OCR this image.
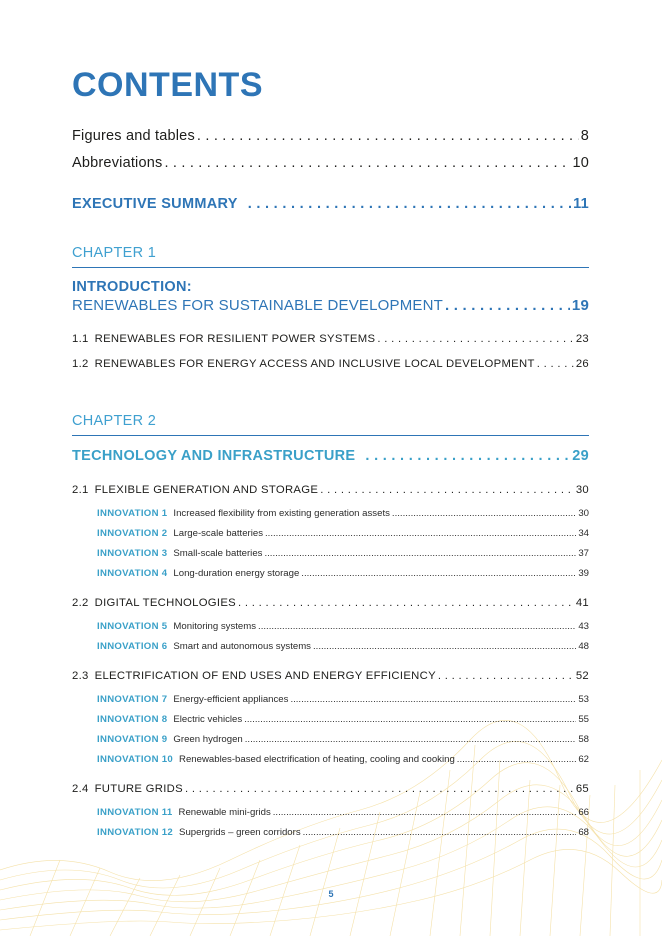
CONTENTS
Figures and tables . . .	8
Abbreviations . . .	10
EXECUTIVE SUMMARY . . .	11
CHAPTER 1
INTRODUCTION:
RENEWABLES FOR SUSTAINABLE DEVELOPMENT . . .	19
1.1 RENEWABLES FOR RESILIENT POWER SYSTEMS . . .	23
1.2 RENEWABLES FOR ENERGY ACCESS AND INCLUSIVE LOCAL DEVELOPMENT . . .	26
CHAPTER 2
TECHNOLOGY AND INFRASTRUCTURE . . .	29
2.1 FLEXIBLE GENERATION AND STORAGE . . .	30
INNOVATION 1 Increased flexibility from existing generation assets .....	30
INNOVATION 2 Large-scale batteries .....	34
INNOVATION 3 Small-scale batteries .....	37
INNOVATION 4 Long-duration energy storage .....	39
2.2 DIGITAL TECHNOLOGIES . . .	41
INNOVATION 5 Monitoring systems .....	43
INNOVATION 6 Smart and autonomous systems .....	48
2.3 ELECTRIFICATION OF END USES AND ENERGY EFFICIENCY . . .	52
INNOVATION 7 Energy-efficient appliances .....	53
INNOVATION 8 Electric vehicles .....	55
INNOVATION 9 Green hydrogen .....	58
INNOVATION 10 Renewables-based electrification of heating, cooling and cooking .....	62
2.4 FUTURE GRIDS . . .	65
INNOVATION 11 Renewable mini-grids .....	66
INNOVATION 12 Supergrids – green corridors .....	68
5
